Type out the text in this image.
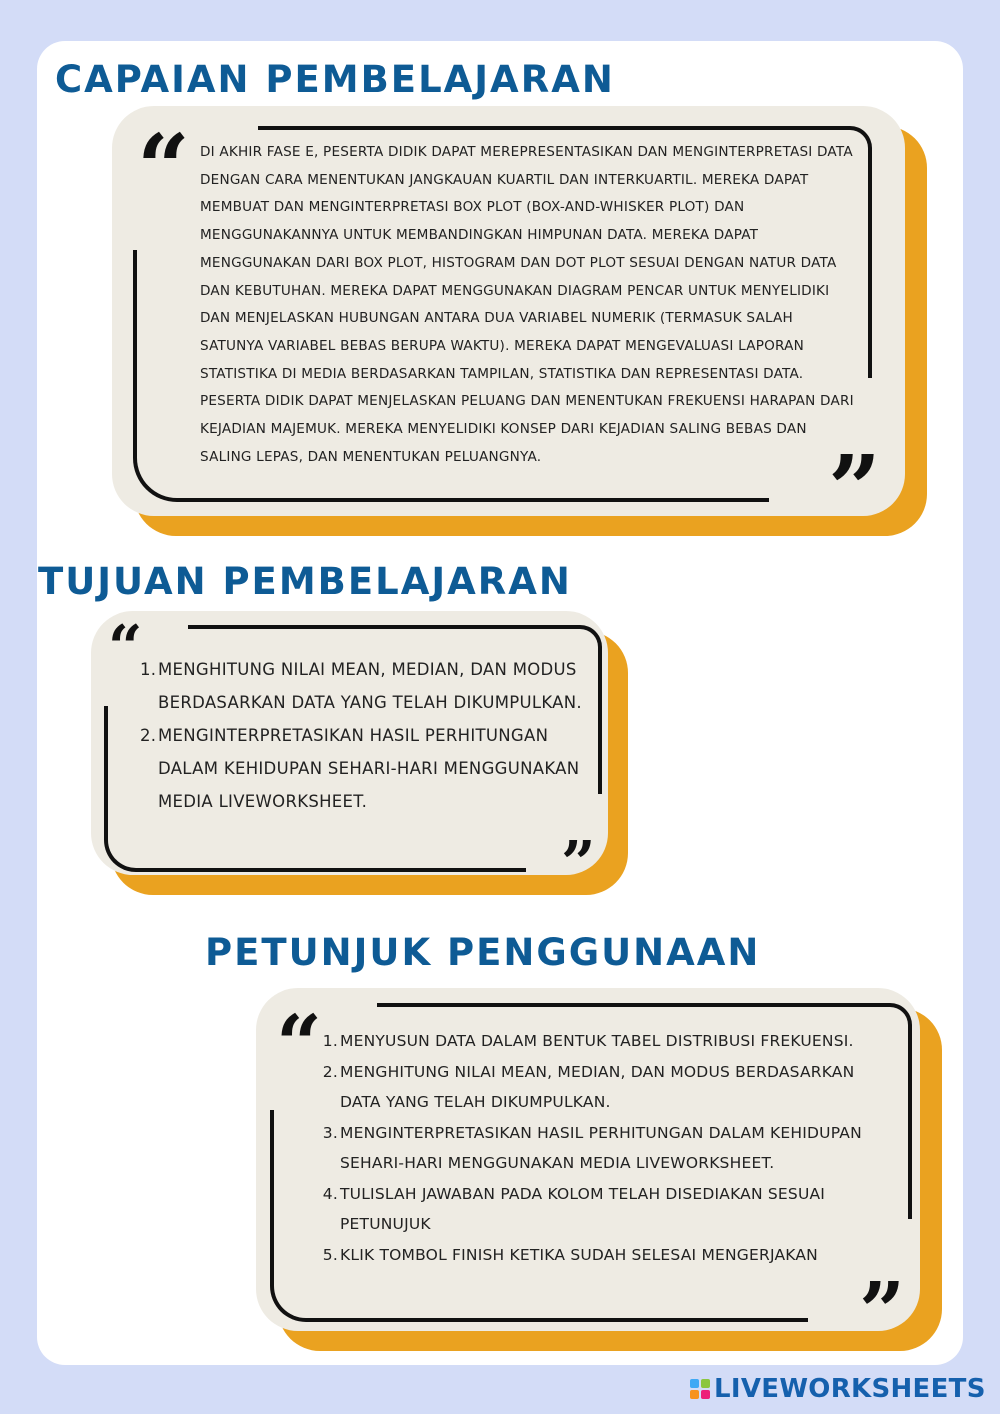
CAPAIAN PEMBELAJARAN
“
”

DI AKHIR FASE E, PESERTA DIDIK DAPAT MEREPRESENTASIKAN DAN MENGINTERPRETASI DATA DENGAN CARA MENENTUKAN JANGKAUAN KUARTIL DAN INTERKUARTIL. MEREKA DAPAT MEMBUAT DAN MENGINTERPRETASI BOX PLOT (BOX-AND-WHISKER PLOT) DAN MENGGUNAKANNYA UNTUK MEMBANDINGKAN HIMPUNAN DATA. MEREKA DAPAT MENGGUNAKAN DARI BOX PLOT, HISTOGRAM DAN DOT PLOT SESUAI DENGAN NATUR DATA DAN KEBUTUHAN. MEREKA DAPAT MENGGUNAKAN DIAGRAM PENCAR UNTUK MENYELIDIKI DAN MENJELASKAN HUBUNGAN ANTARA DUA VARIABEL NUMERIK (TERMASUK SALAH SATUNYA VARIABEL BEBAS BERUPA WAKTU). MEREKA DAPAT MENGEVALUASI LAPORAN STATISTIKA DI MEDIA BERDASARKAN TAMPILAN, STATISTIKA DAN REPRESENTASI DATA. PESERTA DIDIK DAPAT MENJELASKAN PELUANG DAN MENENTUKAN FREKUENSI HARAPAN DARI KEJADIAN MAJEMUK. MEREKA MENYELIDIKI KONSEP DARI KEJADIAN SALING BEBAS DAN SALING LEPAS, DAN MENENTUKAN PELUANGNYA.

TUJUAN PEMBELAJARAN
“
”
1. MENGHITUNG NILAI MEAN, MEDIAN, DAN MODUS BERDASARKAN DATA YANG TELAH DIKUMPULKAN.
2. MENGINTERPRETASIKAN HASIL PERHITUNGAN DALAM KEHIDUPAN SEHARI-HARI MENGGUNAKAN MEDIA LIVEWORKSHEET.
PETUNJUK PENGGUNAAN
“
”
1. MENYUSUN DATA DALAM BENTUK TABEL DISTRIBUSI FREKUENSI.
2. MENGHITUNG NILAI MEAN, MEDIAN, DAN MODUS BERDASARKAN DATA YANG TELAH DIKUMPULKAN.
3. MENGINTERPRETASIKAN HASIL PERHITUNGAN DALAM KEHIDUPAN SEHARI-HARI MENGGUNAKAN MEDIA LIVEWORKSHEET.
4. TULISLAH JAWABAN PADA KOLOM TELAH DISEDIAKAN SESUAI PETUNUJUK
5. KLIK TOMBOL FINISH KETIKA SUDAH SELESAI MENGERJAKAN
LIVEWORKSHEETS
